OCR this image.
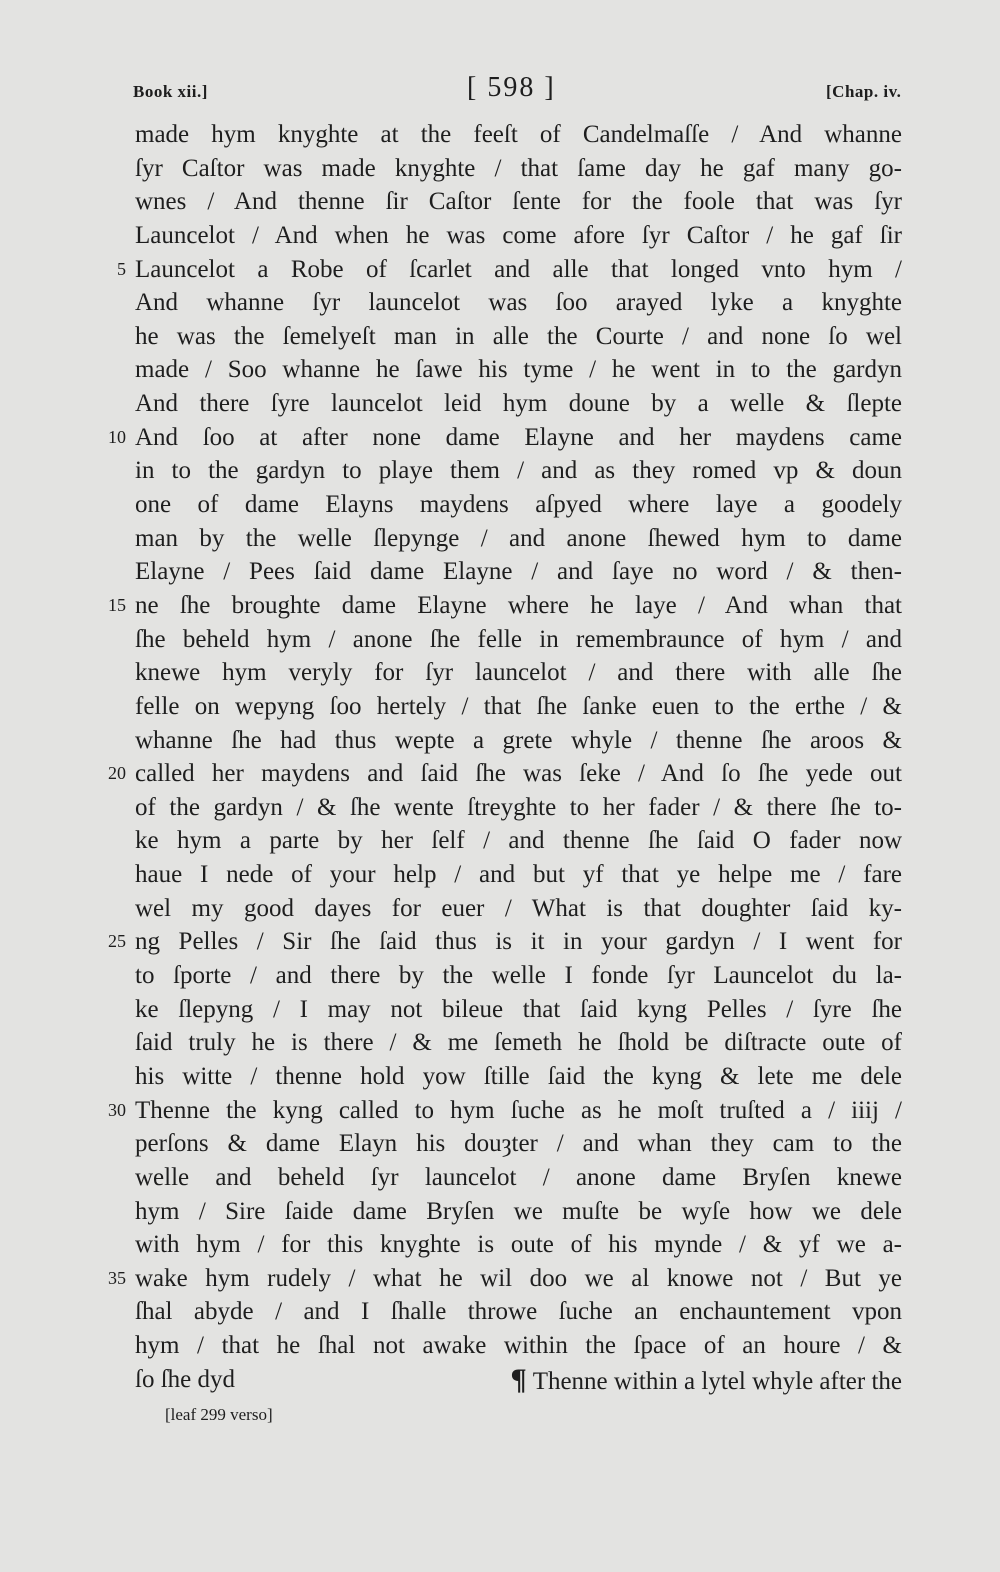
Book xii.]	[ 598 ]	[Chap. iv.
made hym knyghte at the feeſt of Candelmaſſe / And whanne
ſyr Caſtor was made knyghte / that ſame day he gaf many go-
wnes / And thenne ſir Caſtor ſente for the foole that was ſyr
Launcelot / And when he was come afore ſyr Caſtor / he gaf ſir
5 Launcelot a Robe of ſcarlet and alle that longed vnto hym /
And whanne ſyr launcelot was ſoo arayed lyke a knyghte
he was the ſemelyeſt man in alle the Courte / and none ſo wel
made / Soo whanne he ſawe his tyme / he went in to the gardyn
And there ſyre launcelot leid hym doune by a welle & ſlepte
10 And ſoo at after none dame Elayne and her maydens came
in to the gardyn to playe them / and as they romed vp & doun
one of dame Elayns maydens aſpyed where laye a goodely
man by the welle ſlepynge / and anone ſhewed hym to dame
Elayne / Pees ſaid dame Elayne / and ſaye no word / & then-
15 ne ſhe broughte dame Elayne where he laye / And whan that
ſhe beheld hym / anone ſhe felle in remembraunce of hym / and
knewe hym veryly for ſyr launcelot / and there with alle ſhe
felle on wepyng ſoo hertely / that ſhe ſanke euen to the erthe / &
whanne ſhe had thus wepte a grete whyle / thenne ſhe aroos &
20 called her maydens and ſaid ſhe was ſeke / And ſo ſhe yede out
of the gardyn / & ſhe wente ſtreyghte to her fader / & there ſhe to-
ke hym a parte by her ſelf / and thenne ſhe ſaid O fader now
haue I nede of your help / and but yf that ye helpe me / fare
wel my good dayes for euer / What is that doughter ſaid ky-
25 ng Pelles / Sir ſhe ſaid thus is it in your gardyn / I went for
to ſporte / and there by the welle I fonde ſyr Launcelot du la-
ke ſlepyng / I may not bileue that ſaid kyng Pelles / ſyre ſhe
ſaid truly he is there / & me ſemeth he ſhold be diſtracte oute of
his witte / thenne hold yow ſtille ſaid the kyng & lete me dele
30 Thenne the kyng called to hym ſuche as he moſt truſted a / iiij /
perſons & dame Elayn his douȝter / and whan they cam to the
welle and beheld ſyr launcelot / anone dame Bryſen knewe
hym / Sire ſaide dame Bryſen we muſte be wyſe how we dele
with hym / for this knyghte is oute of his mynde / & yf we a-
35 wake hym rudely / what he wil doo we al knowe not / But ye
ſhal abyde / and I ſhalle throwe ſuche an enchauntement vpon
hym / that he ſhal not awake within the ſpace of an houre / &
ſo ſhe dyd	¶ Thenne within a lytel whyle after the
[leaf 299 verso]
